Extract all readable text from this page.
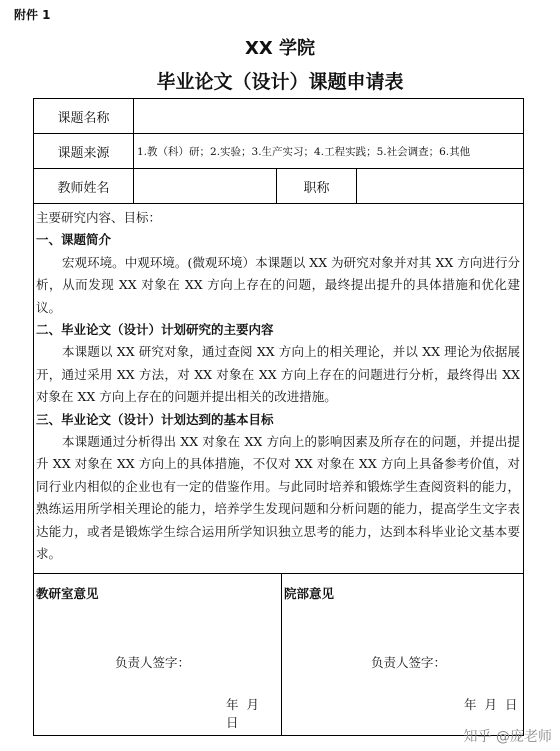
附件 1
XX 学院
毕业论文（设计）课题申请表
课题名称
课题来源	1.教（科）研；2.实验；3.生产实习；4.工程实践；5.社会调查；6.其他
教师姓名	职称

主要研究内容、目标：

一、课题简介

宏观环境。中观环境。(微观环境）本课题以 XX 为研究对象并对其 XX 方向进行分析，从而发现 XX 对象在 XX 方向上存在的问题，最终提出提升的具体措施和优化建议。

二、毕业论文（设计）计划研究的主要内容

本课题以 XX 研究对象，通过查阅 XX 方向上的相关理论，并以 XX 理论为依据展开，通过采用 XX 方法，对 XX 对象在 XX 方向上存在的问题进行分析，最终得出 XX 对象在 XX 方向上存在的问题并提出相关的改进措施。

三、毕业论文（设计）计划达到的基本目标

本课题通过分析得出 XX 对象在 XX 方向上的影响因素及所存在的问题，并提出提升 XX 对象在 XX 方向上的具体措施，不仅对 XX 对象在 XX 方向上具备参考价值，对同行业内相似的企业也有一定的借鉴作用。与此同时培养和锻炼学生查阅资料的能力，熟练运用所学相关理论的能力，培养学生发现问题和分析问题的能力，提高学生文字表达能力，或者是锻炼学生综合运用所学知识独立思考的能力，达到本科毕业论文基本要求。

教研室意见
负责人签字：
年 月 日
院部意见
负责人签字：
年 月 日
知乎 @庞老师
